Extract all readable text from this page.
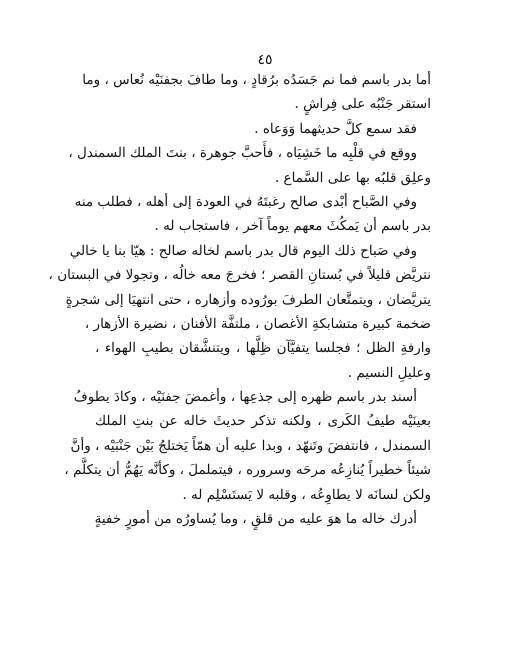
٤٥
أما بدر باسم فما نم جَسَدُه برُقادٍ ، وما طافَ بجفنَيْه نُعاس ، وما
استقر جَنْبُه على فِراشٍ .
فقد سمع كلَّ حديثهما وَوَعاه .
ووقع في قلْبِه ما خَشِيَاه ، فأَحبَّ جوهرة ، بنتَ الملك السمندل ،
وعلِق قلبُه بها على السَّماع .
وفي الصَّباح أبْدى صالح رغبتَهُ في العودة إلى أهله ، فطلب منه
بدر باسم أن يَمكُثَ معهم يوماً آخر ، فاستجاب له .
وفي صَباح ذلك اليوم قال بدر باسم لخاله صالح : هيّا بنا يا خالي
نتريَّض قليلاً في بُستانِ القصر ؛ فخرجَ معه خالُه ، وتجولا في البستان ،
يتريَّضان ، ويتمتَّعان الطرفَ بورُوده وأزهاره ، حتى انتهيَا إلى شجرةٍ
ضخمة كبيرة متشابكةِ الأغصان ، ملتفَّة الأفنان ، نضيرة الأزهار ،
وارفةِ الظل ؛ فجلسا يتفيَّآن ظِلَّها ، ويتنشَّقان بطيبِ الهواء ،
وعليلِ النسيم .
أسند بدر باسم ظهره إلى جذعِها ، وأغمضَ جفنَيْه ، وكادَ يطوفُ
بعينَيْه طيفُ الكَرى ، ولكنه تذكر حديثَ خاله عن بنتِ الملك
السمندل ، فانتفضَ وتَنهّد ، وبدا عليه أن همّاً يَختلجُ بَيْن جَنْبَيْه ، وأنَّ
شيئاً خطيراً يُنازِعُه مرحَه وسروره ، فيتململَ ، وكأنَّه يَهُمُّ أن يتكلَّم ،
ولكن لسانَه لا يطاوِعُه ، وقلبه لا يَستَسْلِم له .
أدرك خاله ما هوَ عليه من قلقٍ ، وما يُساورُه من أمورٍ خفيةٍ
